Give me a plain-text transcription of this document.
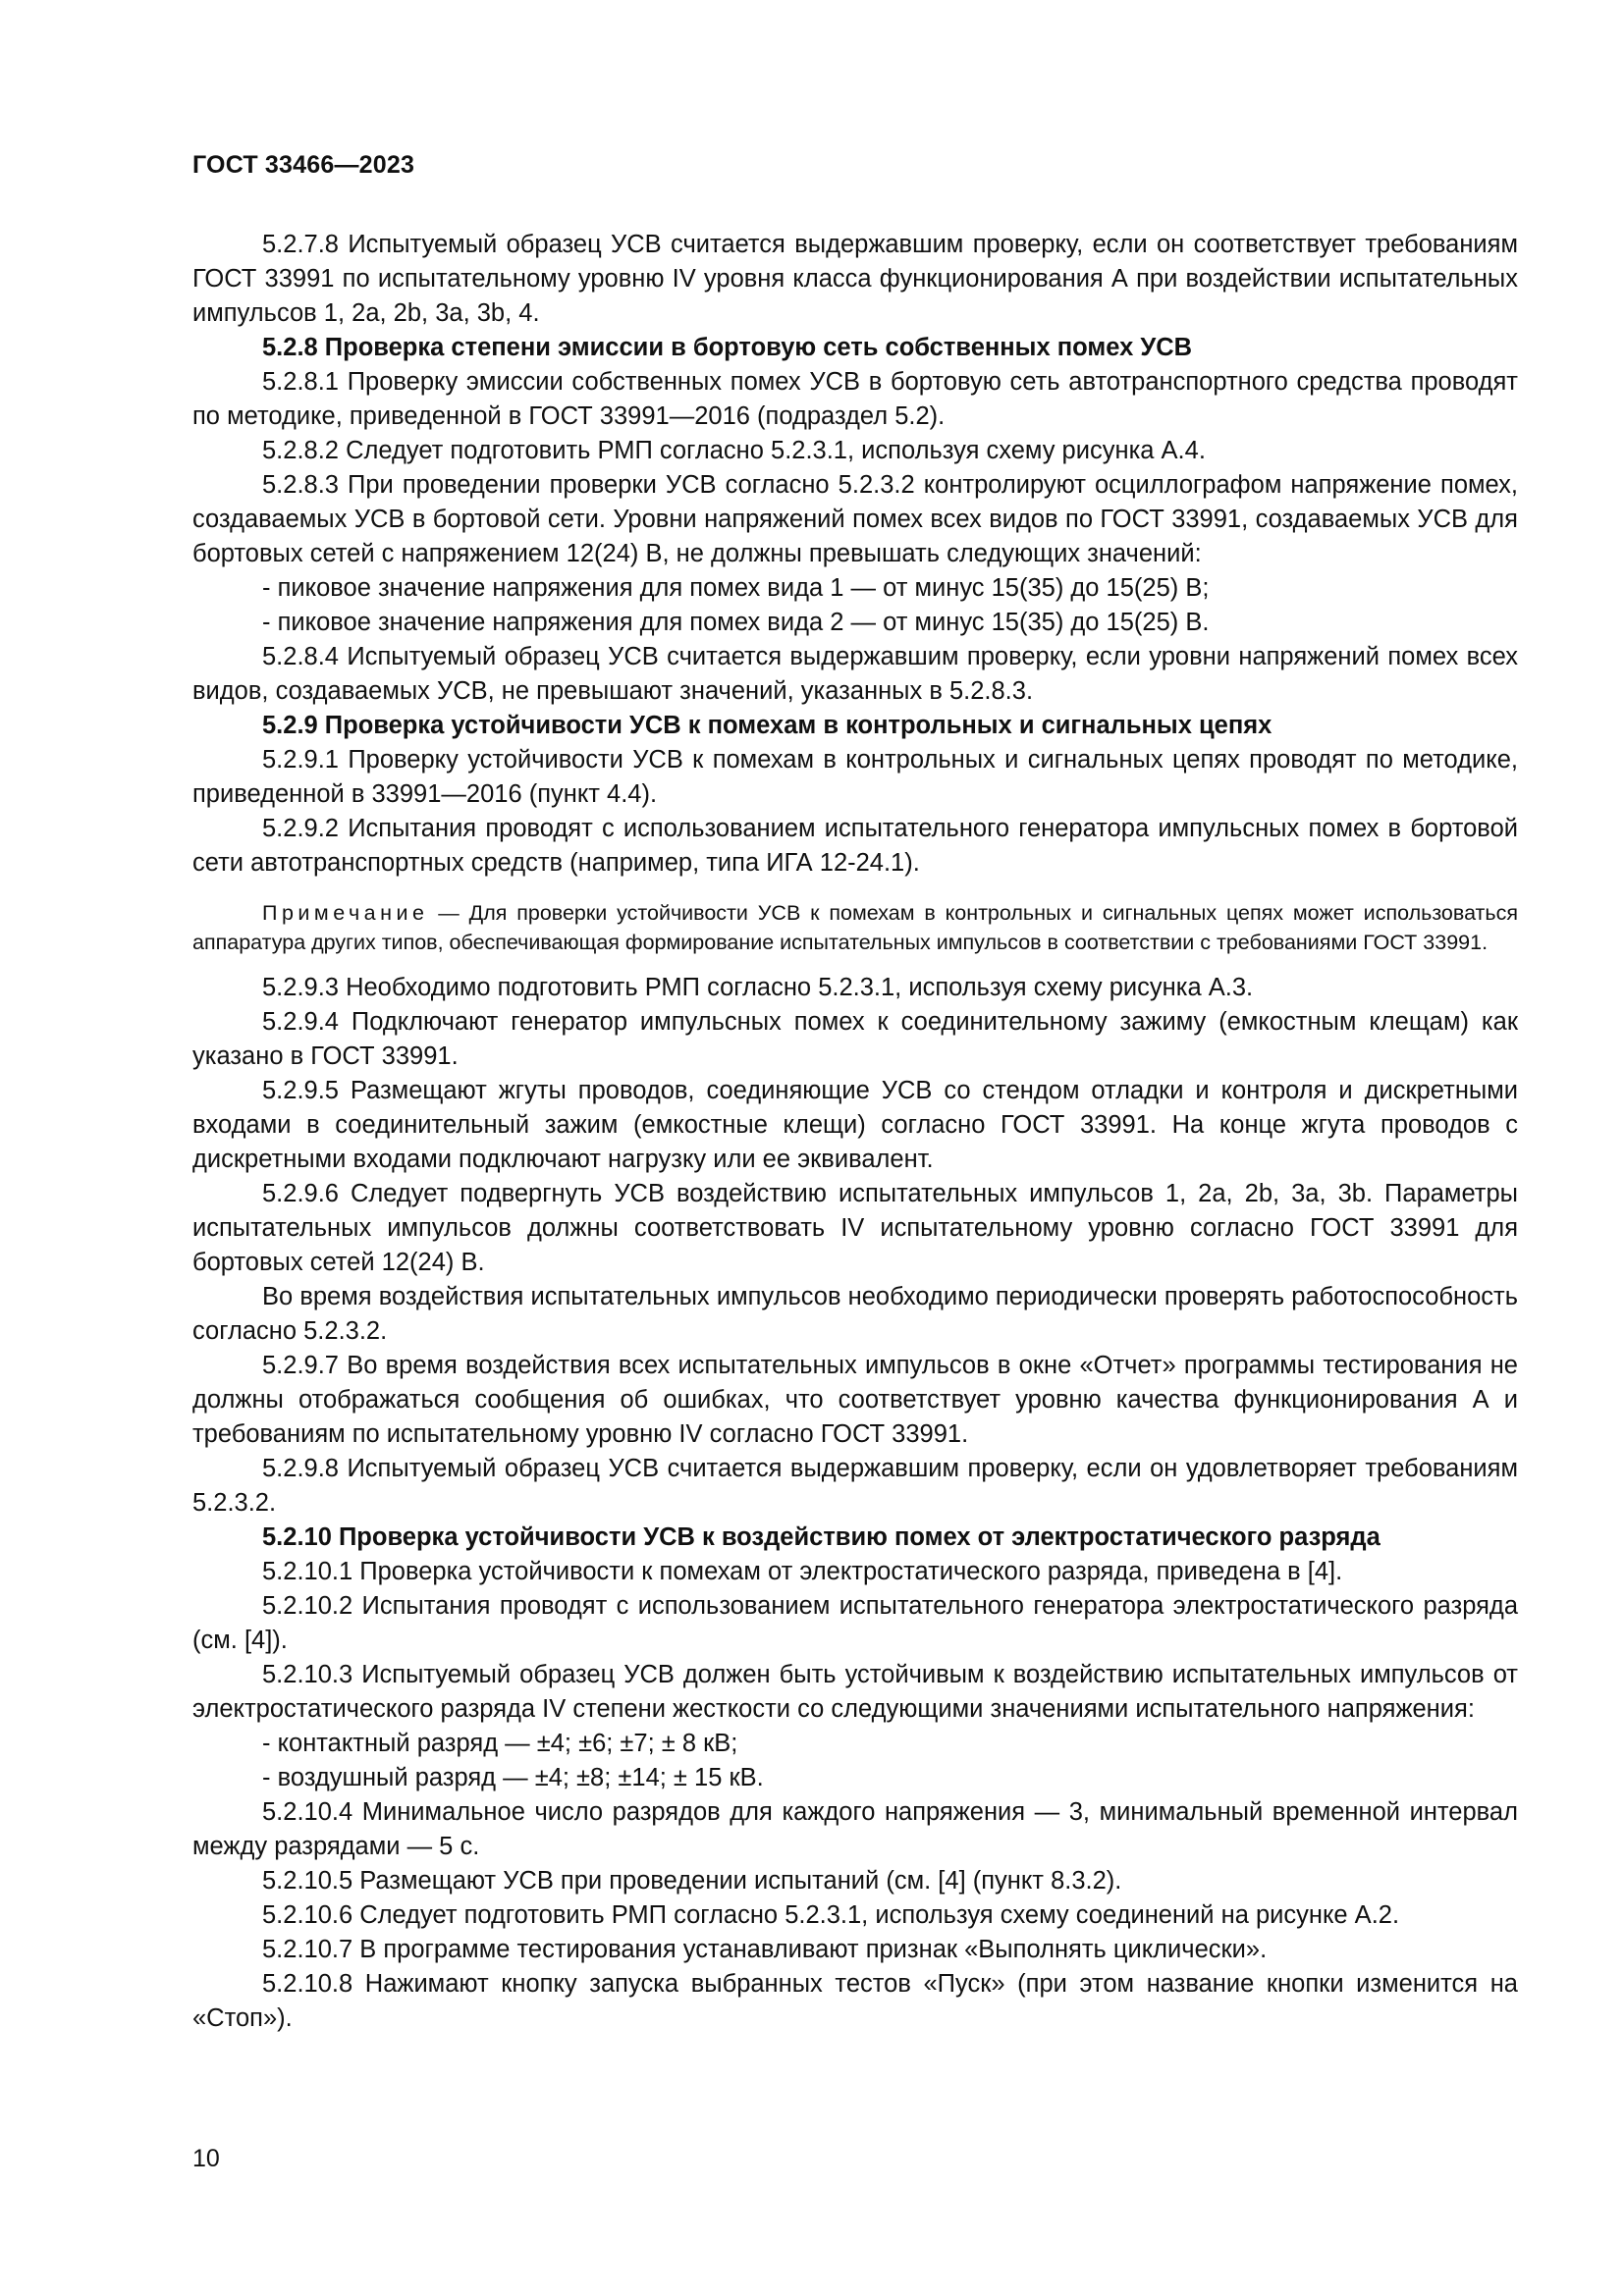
ГОСТ 33466—2023

5.2.7.8 Испытуемый образец УСВ считается выдержавшим проверку, если он соответствует требованиям ГОСТ 33991 по испытательному уровню IV уровня класса функционирования А при воздействии испытательных импульсов 1, 2а, 2b, 3а, 3b, 4.

5.2.8 Проверка степени эмиссии в бортовую сеть собственных помех УСВ

5.2.8.1 Проверку эмиссии собственных помех УСВ в бортовую сеть автотранспортного средства проводят по методике, приведенной в ГОСТ 33991—2016 (подраздел 5.2).

5.2.8.2 Следует подготовить РМП согласно 5.2.3.1, используя схему рисунка А.4.

5.2.8.3 При проведении проверки УСВ согласно 5.2.3.2 контролируют осциллографом напряжение помех, создаваемых УСВ в бортовой сети. Уровни напряжений помех всех видов по ГОСТ 33991, создаваемых УСВ для бортовых сетей с напряжением 12(24) В, не должны превышать следующих значений:

- пиковое значение напряжения для помех вида 1 — от минус 15(35) до 15(25) В;

- пиковое значение напряжения для помех вида 2 — от минус 15(35) до 15(25) В.

5.2.8.4 Испытуемый образец УСВ считается выдержавшим проверку, если уровни напряжений помех всех видов, создаваемых УСВ, не превышают значений, указанных в 5.2.8.3.

5.2.9 Проверка устойчивости УСВ к помехам в контрольных и сигнальных цепях

5.2.9.1 Проверку устойчивости УСВ к помехам в контрольных и сигнальных цепях проводят по методике, приведенной в 33991—2016 (пункт 4.4).

5.2.9.2 Испытания проводят с использованием испытательного генератора импульсных помех в бортовой сети автотранспортных средств (например, типа ИГА 12-24.1).

Примечание — Для проверки устойчивости УСВ к помехам в контрольных и сигнальных цепях может использоваться аппаратура других типов, обеспечивающая формирование испытательных импульсов в соответствии с требованиями ГОСТ 33991.

5.2.9.3 Необходимо подготовить РМП согласно 5.2.3.1, используя схему рисунка А.3.

5.2.9.4 Подключают генератор импульсных помех к соединительному зажиму (емкостным клещам) как указано в ГОСТ 33991.

5.2.9.5 Размещают жгуты проводов, соединяющие УСВ со стендом отладки и контроля и дискретными входами в соединительный зажим (емкостные клещи) согласно ГОСТ 33991. На конце жгута проводов с дискретными входами подключают нагрузку или ее эквивалент.

5.2.9.6 Следует подвергнуть УСВ воздействию испытательных импульсов 1, 2а, 2b, 3а, 3b. Параметры испытательных импульсов должны соответствовать IV испытательному уровню согласно ГОСТ 33991 для бортовых сетей 12(24) В.

Во время воздействия испытательных импульсов необходимо периодически проверять работоспособность согласно 5.2.3.2.

5.2.9.7 Во время воздействия всех испытательных импульсов в окне «Отчет» программы тестирования не должны отображаться сообщения об ошибках, что соответствует уровню качества функционирования А и требованиям по испытательному уровню IV согласно ГОСТ 33991.

5.2.9.8 Испытуемый образец УСВ считается выдержавшим проверку, если он удовлетворяет требованиям 5.2.3.2.

5.2.10 Проверка устойчивости УСВ к воздействию помех от электростатического разряда

5.2.10.1 Проверка устойчивости к помехам от электростатического разряда, приведена в [4].

5.2.10.2 Испытания проводят с использованием испытательного генератора электростатического разряда (см. [4]).

5.2.10.3 Испытуемый образец УСВ должен быть устойчивым к воздействию испытательных импульсов от электростатического разряда IV степени жесткости со следующими значениями испытательного напряжения:

- контактный разряд — ±4; ±6; ±7; ± 8 кВ;

- воздушный разряд — ±4; ±8; ±14; ± 15 кВ.

5.2.10.4 Минимальное число разрядов для каждого напряжения — 3, минимальный временной интервал между разрядами — 5 с.

5.2.10.5 Размещают УСВ при проведении испытаний (см. [4] (пункт 8.3.2).

5.2.10.6 Следует подготовить РМП согласно 5.2.3.1, используя схему соединений на рисунке А.2.

5.2.10.7 В программе тестирования устанавливают признак «Выполнять циклически».

5.2.10.8 Нажимают кнопку запуска выбранных тестов «Пуск» (при этом название кнопки изменится на «Стоп»).

10
